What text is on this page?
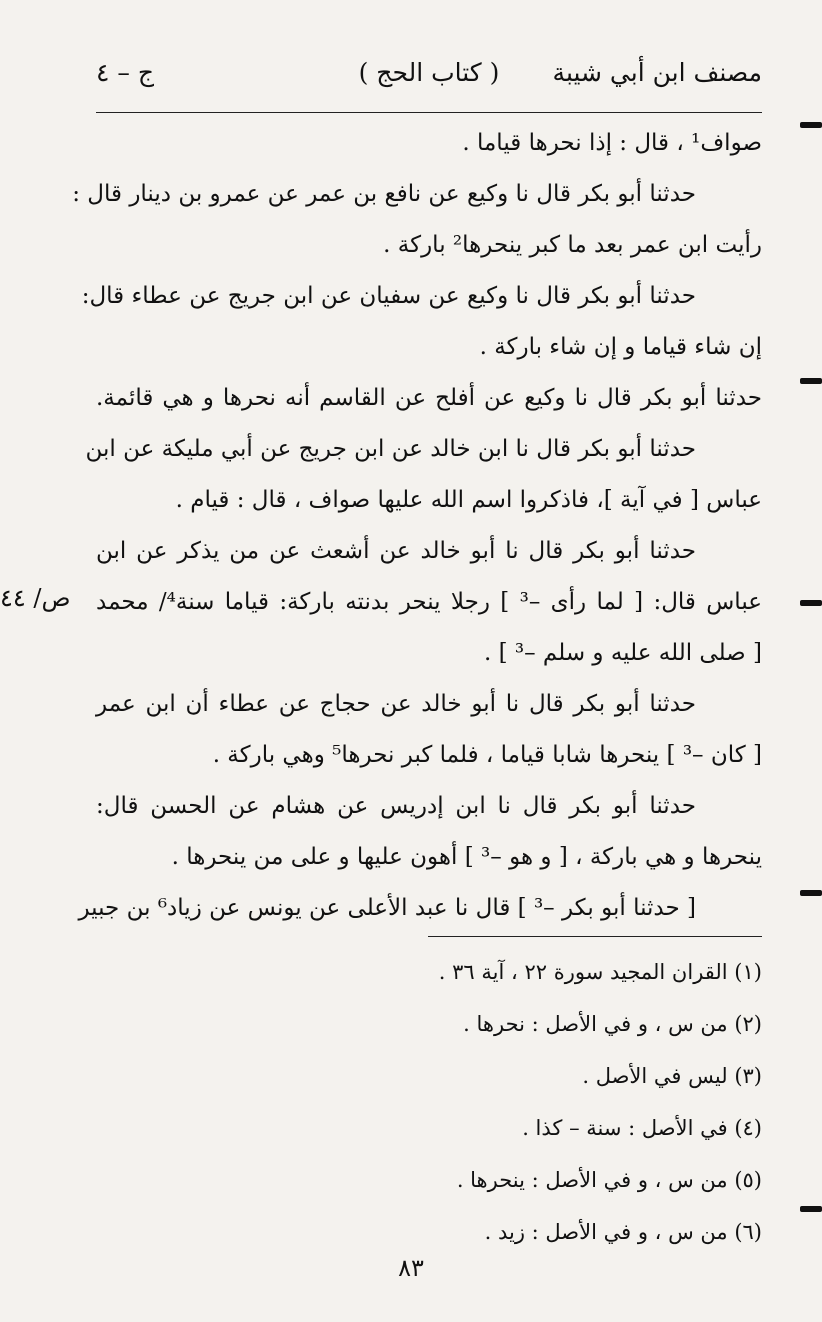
مصنف ابن أبي شيبة
( كتاب الحج )
ج – ٤
صواف¹ ، قال : إذا نحرها قياما .
حدثنا أبو بكر قال نا وكيع عن نافع بن عمر عن عمرو بن دينار قال :
رأيت ابن عمر بعد ما كبر ينحرها² باركة .
حدثنا أبو بكر قال نا وكيع عن سفيان عن ابن جريج عن عطاء قال:
إن شاء قياما و إن شاء باركة .
حدثنا أبو بكر قال نا وكيع عن أفلح عن القاسم أنه نحرها و هي قائمة.
حدثنا أبو بكر قال نا ابن خالد عن ابن جريج عن أبي مليكة عن ابن
عباس [ في آية ]، فاذكروا اسم الله عليها صواف ، قال : قيام .
حدثنا أبو بكر قال نا أبو خالد عن أشعث عن من يذكر عن ابن
عباس قال: [ لما رأى –³ ] رجلا ينحر بدنته باركة: قياما سنة⁴/ محمد
[ صلى الله عليه و سلم –³ ] .
حدثنا أبو بكر قال نا أبو خالد عن حجاج عن عطاء أن ابن عمر
[ كان –³ ] ينحرها شابا قياما ، فلما كبر نحرها⁵ وهي باركة .
حدثنا أبو بكر قال نا ابن إدريس عن هشام عن الحسن قال:
ينحرها و هي باركة ، [ و هو –³ ] أهون عليها و على من ينحرها .
[ حدثنا أبو بكر –³ ] قال نا عبد الأعلى عن يونس عن زياد⁶ بن جبير
ص/ ٤٤
(١) القران المجيد سورة ٢٢ ، آية ٣٦ .
(٢) من س ، و في الأصل : نحرها .
(٣) ليس في الأصل .
(٤) في الأصل : سنة – كذا .
(٥) من س ، و في الأصل : ينحرها .
(٦) من س ، و في الأصل : زيد .
٨٣
